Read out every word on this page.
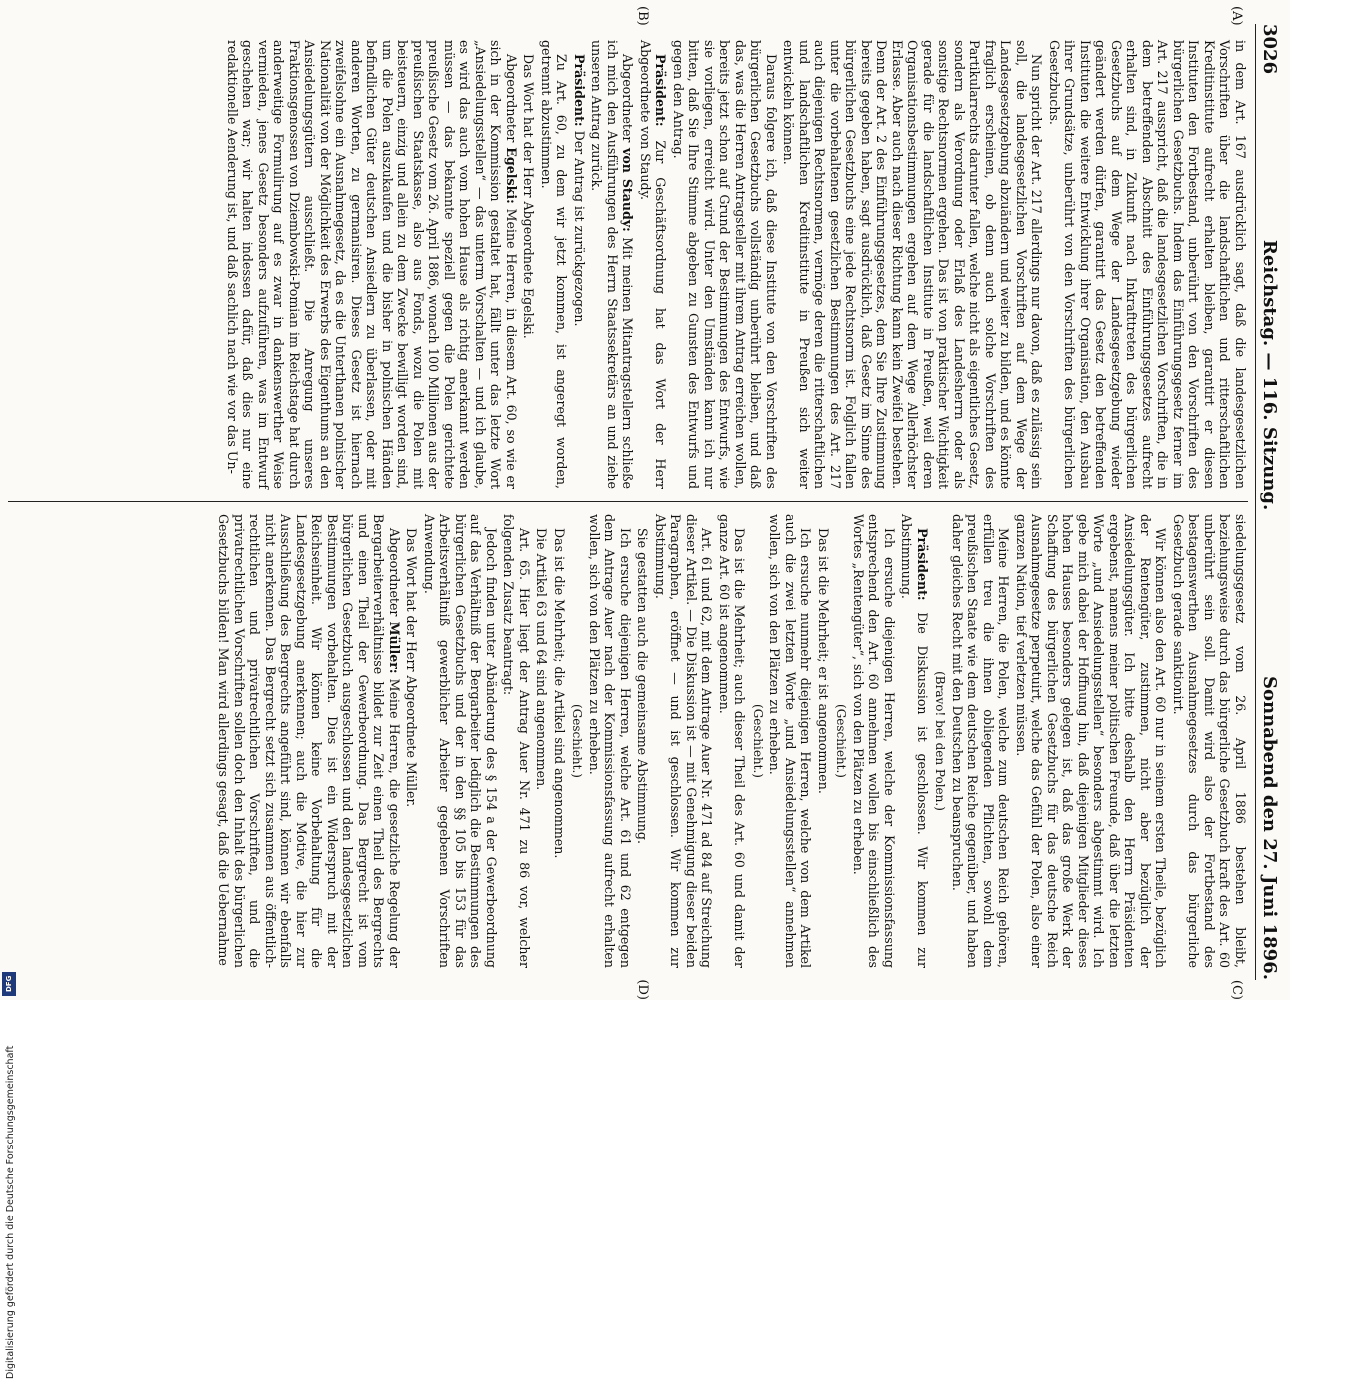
3026
Reichstag. — 116. Sitzung.
Sonnabend den 27. Juni 1896.
(A)
(B)
(C)
(D)

in dem Art. 167 ausdrücklich sagt, daß die landesgesetzlichen Vorschriften über die landschaftlichen und ritterschaftlichen Kreditinstitute aufrecht erhalten bleiben, garantirt er diesen Instituten den Fortbestand, unberührt von den Vorschriften des bürgerlichen Gesetzbuchs. Indem das Einführungsgesetz ferner im Art. 217 ausspricht, daß die landesgesetzlichen Vorschriften, die in dem betreffenden Abschnitt des Einführungsgesetzes aufrecht erhalten sind, in Zukunft nach Inkrafttreten des bürgerlichen Gesetzbuchs auf dem Wege der Landesgesetzgebung wieder geändert werden dürfen, garantirt das Gesetz den betreffenden Instituten die weitere Entwicklung ihrer Organisation, den Ausbau ihrer Grundsätze, unberührt von den Vorschriften des bürgerlichen Gesetzbuchs.

Nun spricht der Art. 217 allerdings nur davon, daß es zulässig sein soll, die landesgesetzlichen Vorschriften auf dem Wege der Landesgesetzgebung abzuändern und weiter zu bilden, und es könnte fraglich erscheinen, ob denn auch solche Vorschriften des Partikularrechts darunter fallen, welche nicht als eigentliches Gesetz, sondern als Verordnung oder Erlaß des Landesherrn oder als sonstige Rechtsnormen ergehen. Das ist von praktischer Wichtigkeit gerade für die landschaftlichen Institute in Preußen, weil deren Organisationsbestimmungen ergehen auf dem Wege Allerhöchster Erlasse. Aber auch nach dieser Richtung kann kein Zweifel bestehen. Denn der Art. 2 des Einführungsgesetzes, dem Sie Ihre Zustimmung bereits gegeben haben, sagt ausdrücklich, daß Gesetz im Sinne des bürgerlichen Gesetzbuchs eine jede Rechtsnorm ist. Folglich fallen unter die vorbehaltenen gesetzlichen Bestimmungen des Art. 217 auch diejenigen Rechtsnormen, vermöge deren die ritterschaftlichen und landschaftlichen Kreditinstitute in Preußen sich weiter entwickeln können.

Daraus folgere ich, daß diese Institute von den Vorschriften des bürgerlichen Gesetzbuchs vollständig unberührt bleiben, und daß das, was die Herren Antragsteller mit ihrem Antrag erreichen wollen, bereits jetzt schon auf Grund der Bestimmungen des Entwurfs, wie sie vorliegen, erreicht wird. Unter den Umständen kann ich nur bitten, daß Sie Ihre Stimme abgeben zu Gunsten des Entwurfs und gegen den Antrag.

Präsident: Zur Geschäftsordnung hat das Wort der Herr Abgeordnete von Staudy.

Abgeordneter von Staudy: Mit meinen Mitantragstellern schließe ich mich den Ausführungen des Herrn Staatssekretärs an und ziehe unseren Antrag zurück.

Präsident: Der Antrag ist zurückgezogen.

Zu Art. 60, zu dem wir jetzt kommen, ist angeregt worden, getrennt abzustimmen.

Das Wort hat der Herr Abgeordnete Egelski.

Abgeordneter Egelski: Meine Herren, in diesem Art. 60, so wie er sich in der Kommission gestaltet hat, fällt unter das letzte Wort „Ansiedelungsstellen“ — das unterm Vorschalten — und ich glaube, es wird das auch vom hohen Hause als richtig anerkannt werden müssen — das bekannte speziell gegen die Polen gerichtete preußische Gesetz vom 26. April 1886, wonach 100 Millionen aus der preußischen Staatskasse, also aus Fonds, wozu die Polen mit beisteuern, einzig und allein zu dem Zwecke bewilligt worden sind, um die Polen auszukaufen und die bisher in polnischen Händen befindlichen Güter deutschen Ansiedlern zu überlassen, oder mit anderen Worten, zu germanisiren. Dieses Gesetz ist hiernach zweifelsohne ein Ausnahmegesetz, da es die Unterthanen polnischer Nationalität von der Möglichkeit des Erwerbs des Eigenthums an den Ansiedelungsgütern ausschließt. Die Anregung unseres Fraktionsgenossen von Dziembowski-Pomian im Reichstage hat durch anderweitige Formulirung auf es zwar in dankenswerther Weise vermieden, jenes Gesetz besonders aufzuführen, was im Entwurf geschehen war; wir halten indessen dafür, daß dies nur eine redaktionelle Aenderung ist, und daß sachlich nach wie vor das Un-

siedelungsgesetz vom 26. April 1886 bestehen bleibt, beziehungsweise durch das bürgerliche Gesetzbuch kraft des Art. 60 unberührt sein soll. Damit wird also der Fortbestand des bestagenswerthen Ausnahmegesetzes durch das bürgerliche Gesetzbuch gerade sanktionirt.

Wir können also den Art. 60 nur in seinem ersten Theile, bezüglich der Rentengüter, zustimmen, nicht aber bezüglich der Ansiedelungsgüter. Ich bitte deshalb den Herrn Präsidenten ergebenst, namens meiner politischen Freunde, daß über die letzten Worte „und Ansiedelungsstellen“ besonders abgestimmt wird. Ich gebe mich dabei der Hoffnung hin, daß diejenigen Mitglieder dieses hohen Hauses besonders gelegen ist, daß das große Werk der Schaffung des bürgerlichen Gesetzbuchs für das deutsche Reich Ausnahmegesetze perpetuirt, welche das Gefühl der Polen, also einer ganzen Nation, tief verletzen müssen.

Meine Herren, die Polen, welche zum deutschen Reich gehören, erfüllen treu die ihnen obliegenden Pflichten, sowohl dem preußischen Staate wie dem deutschen Reiche gegenüber, und haben daher gleiches Recht mit den Deutschen zu beanspruchen.

(Bravo! bei den Polen.)

Präsident: Die Diskussion ist geschlossen. Wir kommen zur Abstimmung.

Ich ersuche diejenigen Herren, welche der Kommissionsfassung entsprechend den Art. 60 annehmen wollen bis einschließlich des Wortes „Rentengüter“, sich von den Plätzen zu erheben.

(Geschieht.)

Das ist die Mehrheit; er ist angenommen.

Ich ersuche nunmehr diejenigen Herren, welche von dem Artikel auch die zwei letzten Worte „und Ansiedelungsstellen“ annehmen wollen, sich von den Plätzen zu erheben.

(Geschieht.)

Das ist die Mehrheit; auch dieser Theil des Art. 60 und damit der ganze Art. 60 ist angenommen.

Art. 61 und 62, mit dem Antrage Auer Nr. 471 ad 84 auf Streichung dieser Artikel. — Die Diskussion ist — mit Genehmigung dieser beiden Paragraphen, eröffnet — und ist geschlossen. Wir kommen zur Abstimmung.

Sie gestatten auch die gemeinsame Abstimmung.

Ich ersuche diejenigen Herren, welche Art. 61 und 62 entgegen dem Antrage Auer nach der Kommissionsfassung aufrecht erhalten wollen, sich von den Plätzen zu erheben.

(Geschieht.)

Das ist die Mehrheit; die Artikel sind angenommen.

Die Artikel 63 und 64 sind angenommen.

Art. 65. Hier liegt der Antrag Auer Nr. 471 zu 86 vor, welcher folgenden Zusatz beantragt:

Jedoch finden unter Abänderung des § 154 a der Gewerbeordnung auf das Verhältniß der Bergarbeiter lediglich die Bestimmungen des bürgerlichen Gesetzbuchs und der in den §§ 105 bis 153 für das Arbeitsverhältniß gewerblicher Arbeiter gegebenen Vorschriften Anwendung.

Das Wort hat der Herr Abgeordnete Müller.

Abgeordneter Müller: Meine Herren, die gesetzliche Regelung der Bergarbeiterverhältnisse bildet zur Zeit einen Theil des Bergrechts und einen Theil der Gewerbeordnung. Das Bergrecht ist vom bürgerlichen Gesetzbuch ausgeschlossen und den landesgesetzlichen Bestimmungen vorbehalten. Dies ist ein Widerspruch mit der Reichseinheit. Wir können keine Vorbehaltung für die Landesgesetzgebung anerkennen; auch die Motive, die hier zur Ausschließung des Bergrechts angeführt sind, können wir ebenfalls nicht anerkennen. Das Bergrecht setzt sich zusammen aus öffentlich-rechtlichen und privatrechtlichen Vorschriften, und die privatrechtlichen Vorschriften sollen doch den Inhalt des bürgerlichen Gesetzbuchs bilden! Man wird allerdings gesagt, daß die Uebernahme

Digitalisierung gefördert durch die Deutsche Forschungsgemeinschaft
DFG
